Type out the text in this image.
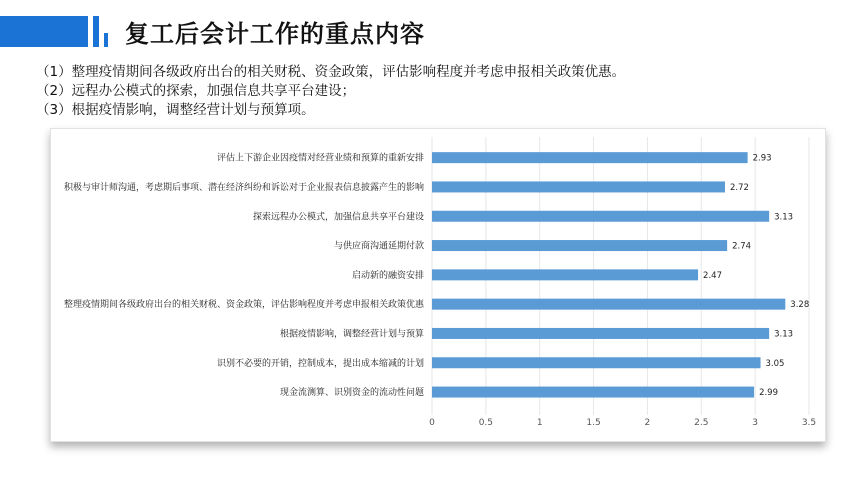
复工后会计工作的重点内容
（1）整理疫情期间各级政府出台的相关财税、资金政策，评估影响程度并考虑申报相关政策优惠。
（2）远程办公模式的探索，加强信息共享平台建设；
（3）根据疫情影响，调整经营计划与预算项。
0	0.5	1	1.5	2	2.5	3	3.5
评估上下游企业因疫情对经营业绩和预算的重新安排	2.93
积极与审计师沟通，考虑期后事项、潜在经济纠纷和诉讼对于企业报表信息披露产生的影响	2.72
探索远程办公模式，加强信息共享平台建设	3.13
与供应商沟通延期付款	2.74
启动新的融资安排	2.47
整理疫情期间各级政府出台的相关财税、资金政策，评估影响程度并考虑申报相关政策优惠	3.28
根据疫情影响，调整经营计划与预算	3.13
识别不必要的开销，控制成本，提出成本缩减的计划	3.05
现金流测算、识别资金的流动性问题	2.99
